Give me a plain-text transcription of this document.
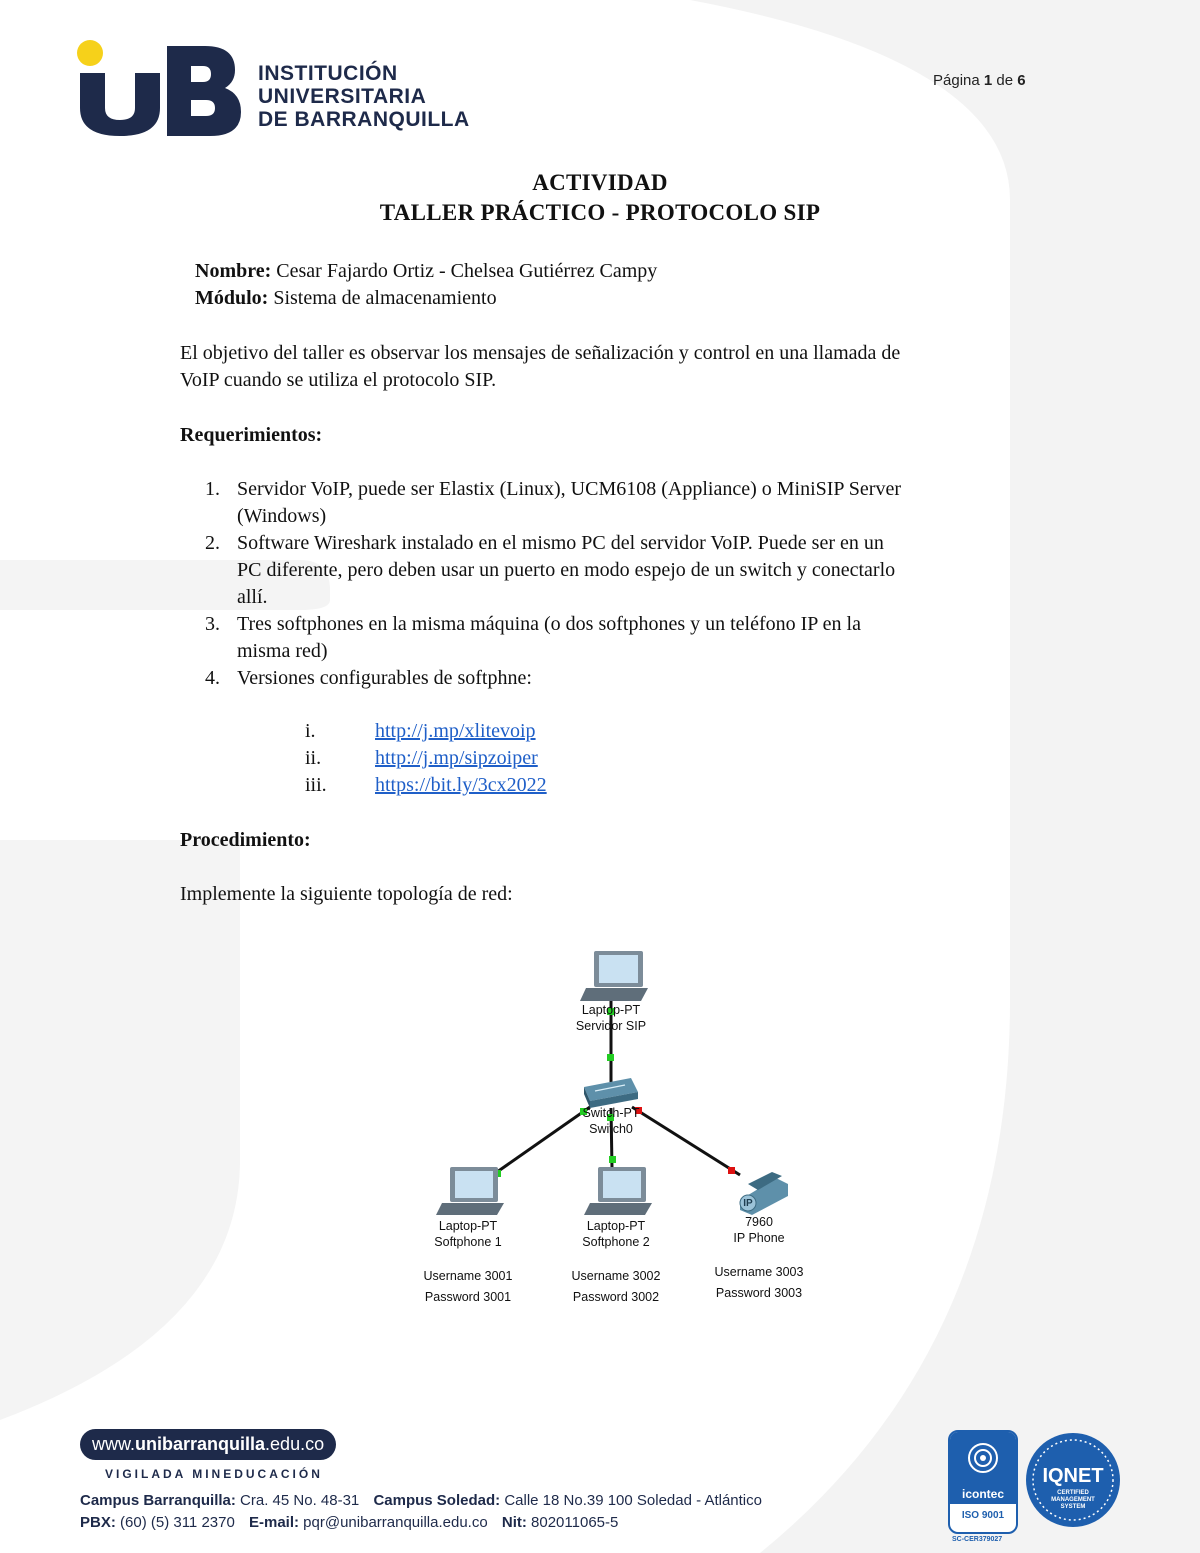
INSTITUCIÓN
UNIVERSITARIA
DE BARRANQUILLA
Página 1 de 6
ACTIVIDAD
TALLER PRÁCTICO - PROTOCOLO SIP
Nombre: Cesar Fajardo Ortiz - Chelsea Gutiérrez Campy
Módulo: Sistema de almacenamiento
El objetivo del taller es observar los mensajes de señalización y control en una llamada de
VoIP cuando se utiliza el protocolo SIP.
Requerimientos:
1. Servidor VoIP, puede ser Elastix (Linux), UCM6108 (Appliance) o MiniSIP Server
(Windows)
2. Software Wireshark instalado en el mismo PC del servidor VoIP. Puede ser en un
PC diferente, pero deben usar un puerto en modo espejo de un switch y conectarlo
allí.
3. Tres softphones en la misma máquina (o dos softphones y un teléfono IP en la
misma red)
4. Versiones configurables de softphne:
i.	http://j.mp/xlitevoip
ii.	http://j.mp/sipzoiper
iii.	https://bit.ly/3cx2022
Procedimiento:
Implemente la siguiente topología de red:
Laptop-PT
Servidor SIP
Switch-PT
Switch0
Laptop-PT
Softphone 1
Username 3001
Password 3001
Laptop-PT
Softphone 2
Username 3002
Password 3002
7960
IP Phone
Username 3003
Password 3003
IP
www.unibarranquilla.edu.co
VIGILADA MINEDUCACIÓN
Campus Barranquilla: Cra. 45 No. 48-31 Campus Soledad: Calle 18 No.39 100 Soledad - Atlántico
PBX: (60) (5) 311 2370 E-mail: pqr@unibarranquilla.edu.co Nit: 802011065-5
icontec
ISO 9001
SC-CER379027
IQNET
CERTIFIED
MANAGEMENT
SYSTEM
